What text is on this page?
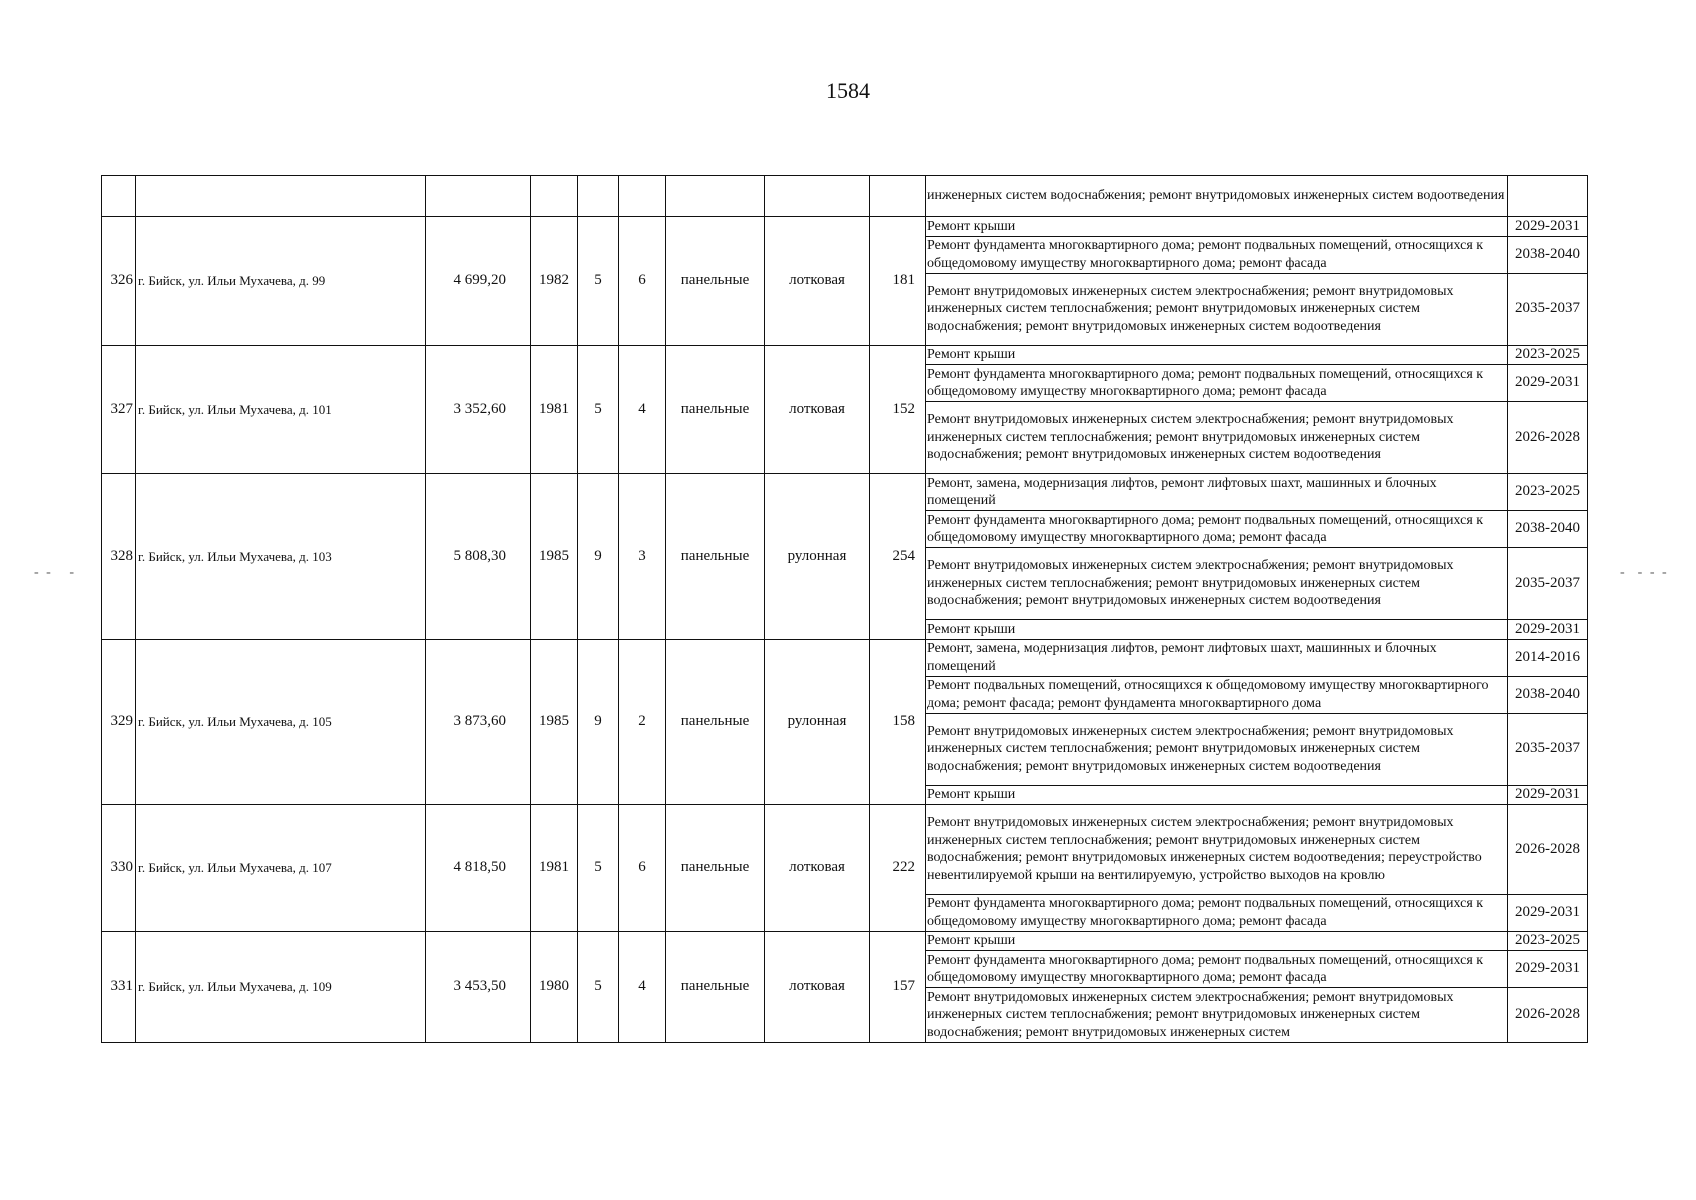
1584
									инженерных систем водоснабжения; ремонт внутридомовых инженерных систем водоотведения	
326	г. Бийск, ул. Ильи Мухачева, д. 99	4 699,20	1982	5	6	панельные	лотковая	181	Ремонт крыши	2029-2031
									Ремонт фундамента многоквартирного дома; ремонт подвальных помещений, относящихся к общедомовому имуществу многоквартирного дома; ремонт фасада	2038-2040
									Ремонт внутридомовых инженерных систем электроснабжения; ремонт внутридомовых инженерных систем теплоснабжения; ремонт внутридомовых инженерных систем водоснабжения; ремонт внутридомовых инженерных систем водоотведения	2035-2037
327	г. Бийск, ул. Ильи Мухачева, д. 101	3 352,60	1981	5	4	панельные	лотковая	152	Ремонт крыши	2023-2025
									Ремонт фундамента многоквартирного дома; ремонт подвальных помещений, относящихся к общедомовому имуществу многоквартирного дома; ремонт фасада	2029-2031
									Ремонт внутридомовых инженерных систем электроснабжения; ремонт внутридомовых инженерных систем теплоснабжения; ремонт внутридомовых инженерных систем водоснабжения; ремонт внутридомовых инженерных систем водоотведения	2026-2028
328	г. Бийск, ул. Ильи Мухачева, д. 103	5 808,30	1985	9	3	панельные	рулонная	254	Ремонт, замена, модернизация лифтов, ремонт лифтовых шахт, машинных и блочных помещений	2023-2025
									Ремонт фундамента многоквартирного дома; ремонт подвальных помещений, относящихся к общедомовому имуществу многоквартирного дома; ремонт фасада	2038-2040
									Ремонт внутридомовых инженерных систем электроснабжения; ремонт внутридомовых инженерных систем теплоснабжения; ремонт внутридомовых инженерных систем водоснабжения; ремонт внутридомовых инженерных систем водоотведения	2035-2037
									Ремонт крыши	2029-2031
329	г. Бийск, ул. Ильи Мухачева, д. 105	3 873,60	1985	9	2	панельные	рулонная	158	Ремонт, замена, модернизация лифтов, ремонт лифтовых шахт, машинных и блочных помещений	2014-2016
									Ремонт подвальных помещений, относящихся к общедомовому имуществу многоквартирного дома; ремонт фасада; ремонт фундамента многоквартирного дома	2038-2040
									Ремонт внутридомовых инженерных систем электроснабжения; ремонт внутридомовых инженерных систем теплоснабжения; ремонт внутридомовых инженерных систем водоснабжения; ремонт внутридомовых инженерных систем водоотведения	2035-2037
									Ремонт крыши	2029-2031
330	г. Бийск, ул. Ильи Мухачева, д. 107	4 818,50	1981	5	6	панельные	лотковая	222	Ремонт внутридомовых инженерных систем электроснабжения; ремонт внутридомовых инженерных систем теплоснабжения; ремонт внутридомовых инженерных систем водоснабжения; ремонт внутридомовых инженерных систем водоотведения; переустройство невентилируемой крыши на вентилируемую, устройство выходов на кровлю	2026-2028
									Ремонт фундамента многоквартирного дома; ремонт подвальных помещений, относящихся к общедомовому имуществу многоквартирного дома; ремонт фасада	2029-2031
331	г. Бийск, ул. Ильи Мухачева, д. 109	3 453,50	1980	5	4	панельные	лотковая	157	Ремонт крыши	2023-2025
									Ремонт фундамента многоквартирного дома; ремонт подвальных помещений, относящихся к общедомовому имуществу многоквартирного дома; ремонт фасада	2029-2031
									Ремонт внутридомовых инженерных систем электроснабжения; ремонт внутридомовых инженерных систем теплоснабжения; ремонт внутридомовых инженерных систем водоснабжения; ремонт внутридомовых инженерных систем	2026-2028
- -   -	-  - - -
